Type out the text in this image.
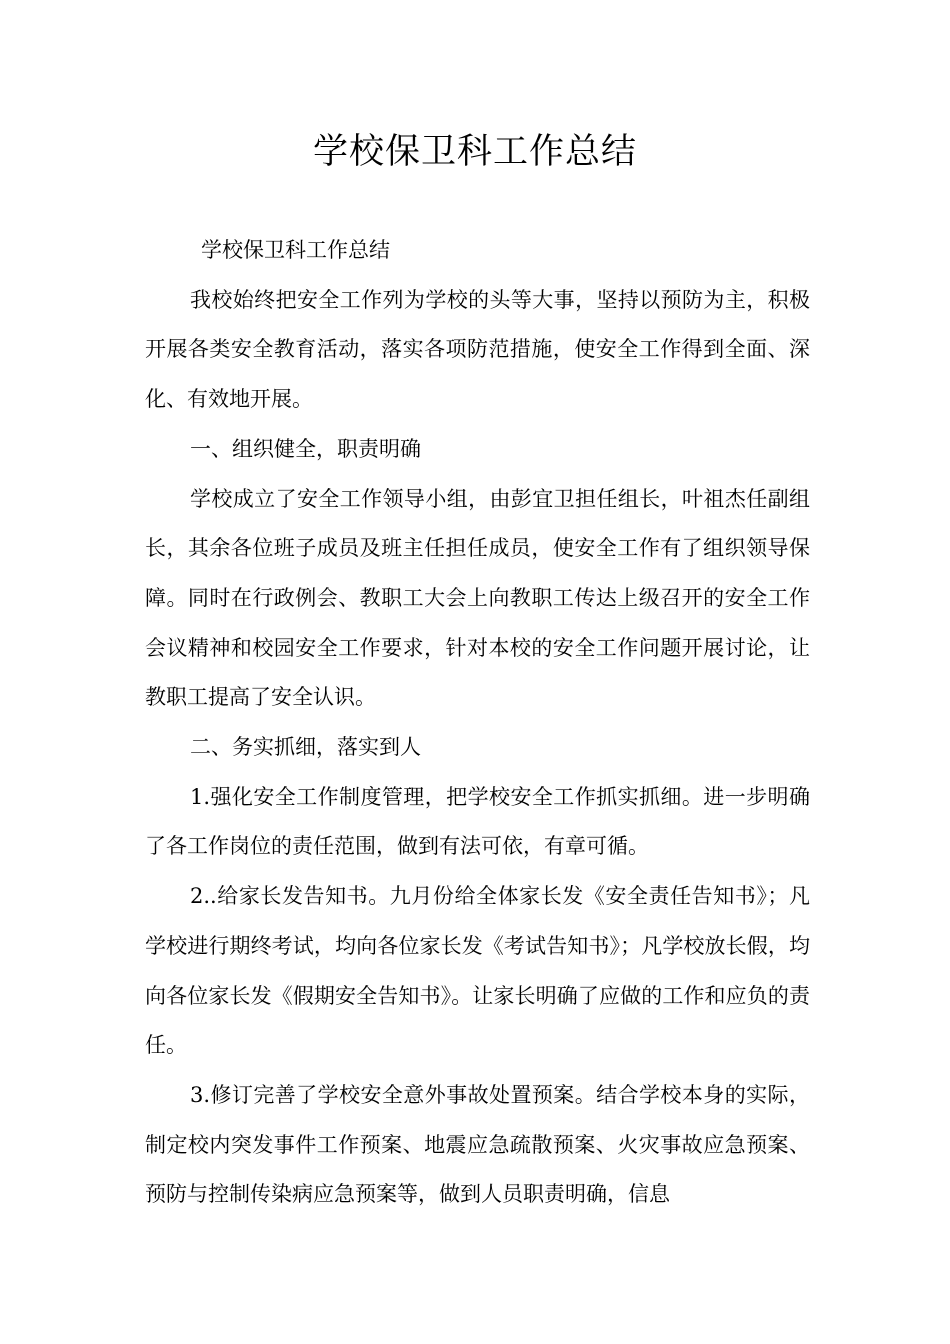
学校保卫科工作总结

学校保卫科工作总结

我校始终把安全工作列为学校的头等大事，坚持以预防为主，积极开展各类安全教育活动，落实各项防范措施，使安全工作得到全面、深化、有效地开展。

一、组织健全，职责明确

学校成立了安全工作领导小组，由彭宜卫担任组长，叶祖杰任副组长，其余各位班子成员及班主任担任成员，使安全工作有了组织领导保障。同时在行政例会、教职工大会上向教职工传达上级召开的安全工作会议精神和校园安全工作要求，针对本校的安全工作问题开展讨论，让教职工提高了安全认识。

二、务实抓细，落实到人

1.强化安全工作制度管理，把学校安全工作抓实抓细。进一步明确了各工作岗位的责任范围，做到有法可依，有章可循。

2..给家长发告知书。九月份给全体家长发《安全责任告知书》；凡学校进行期终考试，均向各位家长发《考试告知书》；凡学校放长假，均向各位家长发《假期安全告知书》。让家长明确了应做的工作和应负的责任。

3.修订完善了学校安全意外事故处置预案。结合学校本身的实际，制定校内突发事件工作预案、地震应急疏散预案、火灾事故应急预案、预防与控制传染病应急预案等，做到人员职责明确，信息
